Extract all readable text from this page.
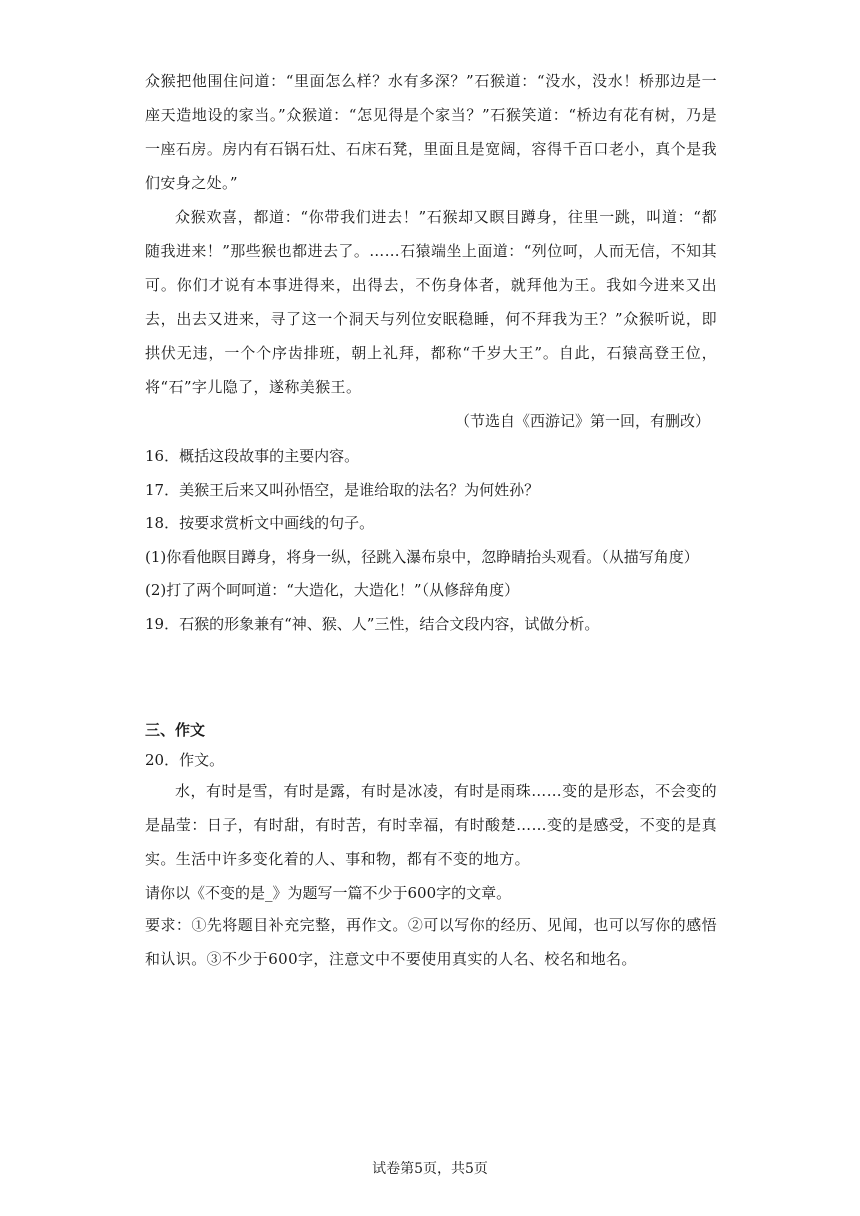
众猴把他围住问道：“里面怎么样？水有多深？”石猴道：“没水，没水！桥那边是一座天造地设的家当。”众猴道：“怎见得是个家当？”石猴笑道：“桥边有花有树，乃是一座石房。房内有石锅石灶、石床石凳，里面且是宽阔，容得千百口老小，真个是我们安身之处。”

众猴欢喜，都道：“你带我们进去！”石猴却又瞑目蹲身，往里一跳，叫道：“都随我进来！”那些猴也都进去了。……石猿端坐上面道：“列位呵，人而无信，不知其可。你们才说有本事进得来，出得去，不伤身体者，就拜他为王。我如今进来又出去，出去又进来，寻了这一个洞天与列位安眠稳睡，何不拜我为王？”众猴听说，即拱伏无违，一个个序齿排班，朝上礼拜，都称“千岁大王”。自此，石猿高登王位，将“石”字儿隐了，遂称美猴王。

（节选自《西游记》第一回，有删改）
16．概括这段故事的主要内容。
17．美猴王后来又叫孙悟空，是谁给取的法名？为何姓孙？
18．按要求赏析文中画线的句子。
(1)你看他瞑目蹲身，将身一纵，径跳入瀑布泉中，忽睁睛抬头观看。（从描写角度）
(2)打了两个呵呵道：“大造化，大造化！”（从修辞角度）
19．石猴的形象兼有“神、猴、人”三性，结合文段内容，试做分析。
三、作文
20．作文。

水，有时是雪，有时是露，有时是冰凌，有时是雨珠……变的是形态，不会变的是晶莹：日子，有时甜，有时苦，有时幸福，有时酸楚……变的是感受，不变的是真实。生活中许多变化着的人、事和物，都有不变的地方。

请你以《不变的是_》为题写一篇不少于600字的文章。

要求：①先将题目补充完整，再作文。②可以写你的经历、见闻，也可以写你的感悟和认识。③不少于600字，注意文中不要使用真实的人名、校名和地名。

试卷第5页，共5页
